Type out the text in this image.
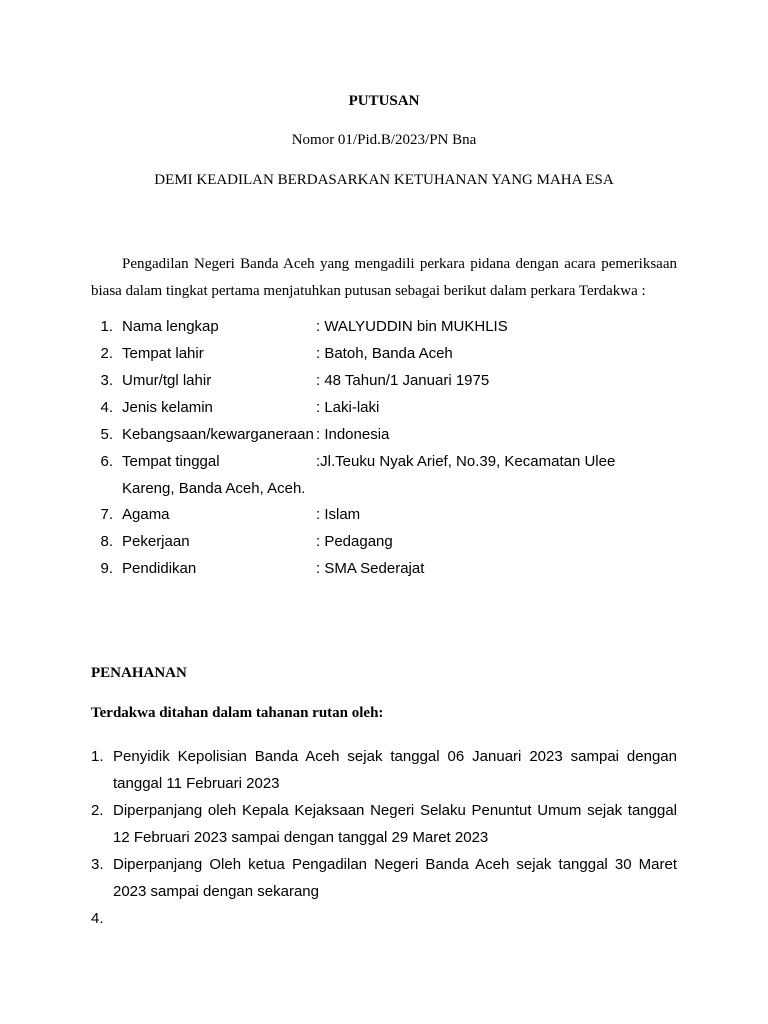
PUTUSAN
Nomor 01/Pid.B/2023/PN Bna
DEMI KEADILAN BERDASARKAN KETUHANAN YANG MAHA ESA
Pengadilan Negeri Banda Aceh yang mengadili perkara pidana dengan acara pemeriksaan biasa dalam tingkat pertama menjatuhkan putusan sebagai berikut dalam perkara Terdakwa :
1. Nama lengkap	: WALYUDDIN bin MUKHLIS
2. Tempat lahir	: Batoh, Banda Aceh
3. Umur/tgl lahir	: 48 Tahun/1 Januari 1975
4. Jenis kelamin	: Laki-laki
5. Kebangsaan/kewarganeraan : Indonesia
6. Tempat tinggal	:Jl.Teuku Nyak Arief, No.39, Kecamatan Ulee
Kareng, Banda Aceh, Aceh.
7. Agama	: Islam
8. Pekerjaan	: Pedagang
9. Pendidikan	: SMA Sederajat
PENAHANAN
Terdakwa ditahan dalam tahanan rutan oleh:
1. Penyidik Kepolisian Banda Aceh sejak tanggal 06 Januari 2023 sampai dengan tanggal 11 Februari 2023
2. Diperpanjang oleh Kepala Kejaksaan Negeri Selaku Penuntut Umum sejak tanggal 12 Februari 2023 sampai dengan tanggal 29 Maret 2023
3. Diperpanjang Oleh ketua Pengadilan Negeri Banda Aceh sejak tanggal 30 Maret 2023 sampai dengan sekarang
4.
